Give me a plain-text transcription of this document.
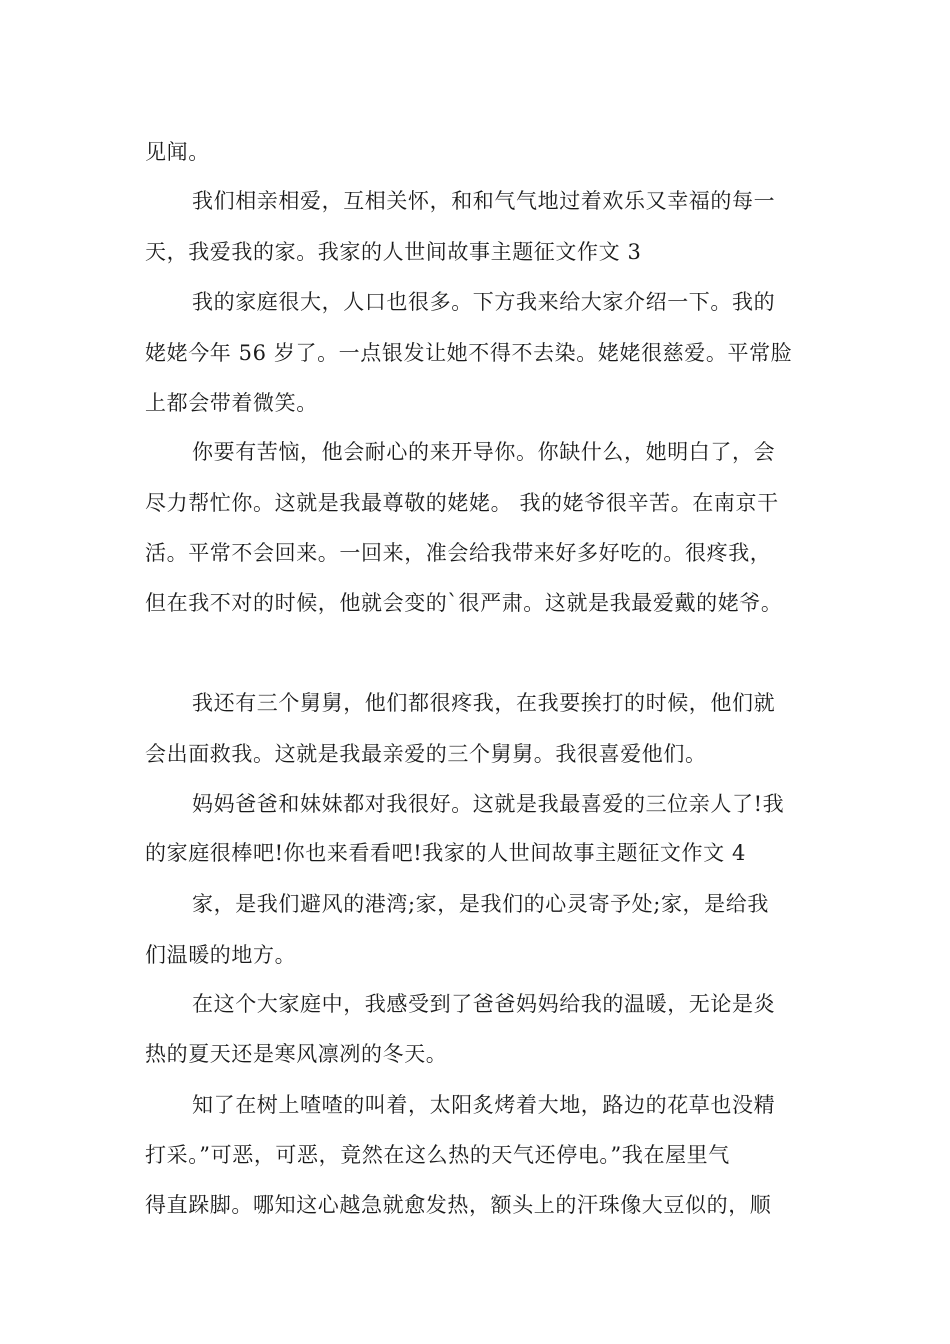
见闻。

我们相亲相爱，互相关怀，和和气气地过着欢乐又幸福的每一

天，我爱我的家。我家的人世间故事主题征文作文 3

我的家庭很大，人口也很多。下方我来给大家介绍一下。我的

姥姥今年 56 岁了。一点银发让她不得不去染。姥姥很慈爱。平常脸

上都会带着微笑。

你要有苦恼，他会耐心的来开导你。你缺什么，她明白了，会

尽力帮忙你。这就是我最尊敬的姥姥。 我的姥爷很辛苦。在南京干

活。平常不会回来。一回来，准会给我带来好多好吃的。很疼我，

但在我不对的时候，他就会变的`很严肃。这就是我最爱戴的姥爷。

我还有三个舅舅，他们都很疼我，在我要挨打的时候，他们就

会出面救我。这就是我最亲爱的三个舅舅。我很喜爱他们。

妈妈爸爸和妹妹都对我很好。这就是我最喜爱的三位亲人了!我

的家庭很棒吧!你也来看看吧!我家的人世间故事主题征文作文 4

家，是我们避风的港湾;家，是我们的心灵寄予处;家，是给我

们温暖的地方。

在这个大家庭中，我感受到了爸爸妈妈给我的温暖，无论是炎

热的夏天还是寒风凛冽的冬天。

知了在树上喳喳的叫着，太阳炙烤着大地，路边的花草也没精

打采。”可恶，可恶，竟然在这么热的天气还停电。”我在屋里气

得直跺脚。哪知这心越急就愈发热，额头上的汗珠像大豆似的，顺
